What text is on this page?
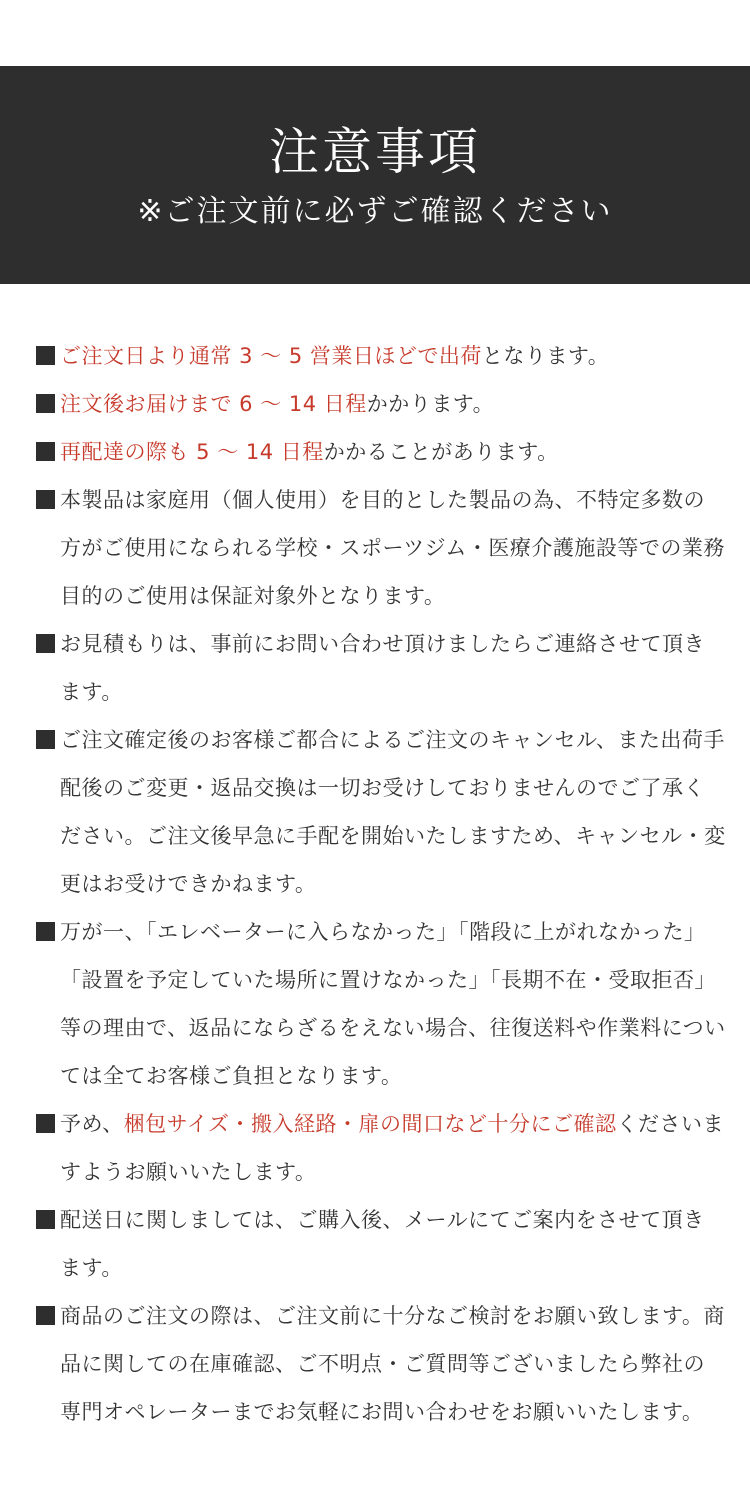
注意事項

※ご注文前に必ずご確認ください

ご注文日より通常 3 ～ 5 営業日ほどで出荷となります。
注文後お届けまで 6 ～ 14 日程かかります。
再配達の際も 5 ～ 14 日程かかることがあります。
本製品は家庭用（個人使用）を目的とした製品の為、不特定多数の方がご使用になられる学校・スポーツジム・医療介護施設等での業務目的のご使用は保証対象外となります。
お見積もりは、事前にお問い合わせ頂けましたらご連絡させて頂きます。
ご注文確定後のお客様ご都合によるご注文のキャンセル、また出荷手配後のご変更・返品交換は一切お受けしておりませんのでご了承ください。ご注文後早急に手配を開始いたしますため、キャンセル・変更はお受けできかねます。
万が一、「エレベーターに入らなかった」「階段に上がれなかった」「設置を予定していた場所に置けなかった」「長期不在・受取拒否」等の理由で、返品にならざるをえない場合、往復送料や作業料については全てお客様ご負担となります。
予め、梱包サイズ・搬入経路・扉の間口など十分にご確認くださいますようお願いいたします。
配送日に関しましては、ご購入後、メールにてご案内をさせて頂きます。
商品のご注文の際は、ご注文前に十分なご検討をお願い致します。商品に関しての在庫確認、ご不明点・ご質問等ございましたら弊社の専門オペレーターまでお気軽にお問い合わせをお願いいたします。
